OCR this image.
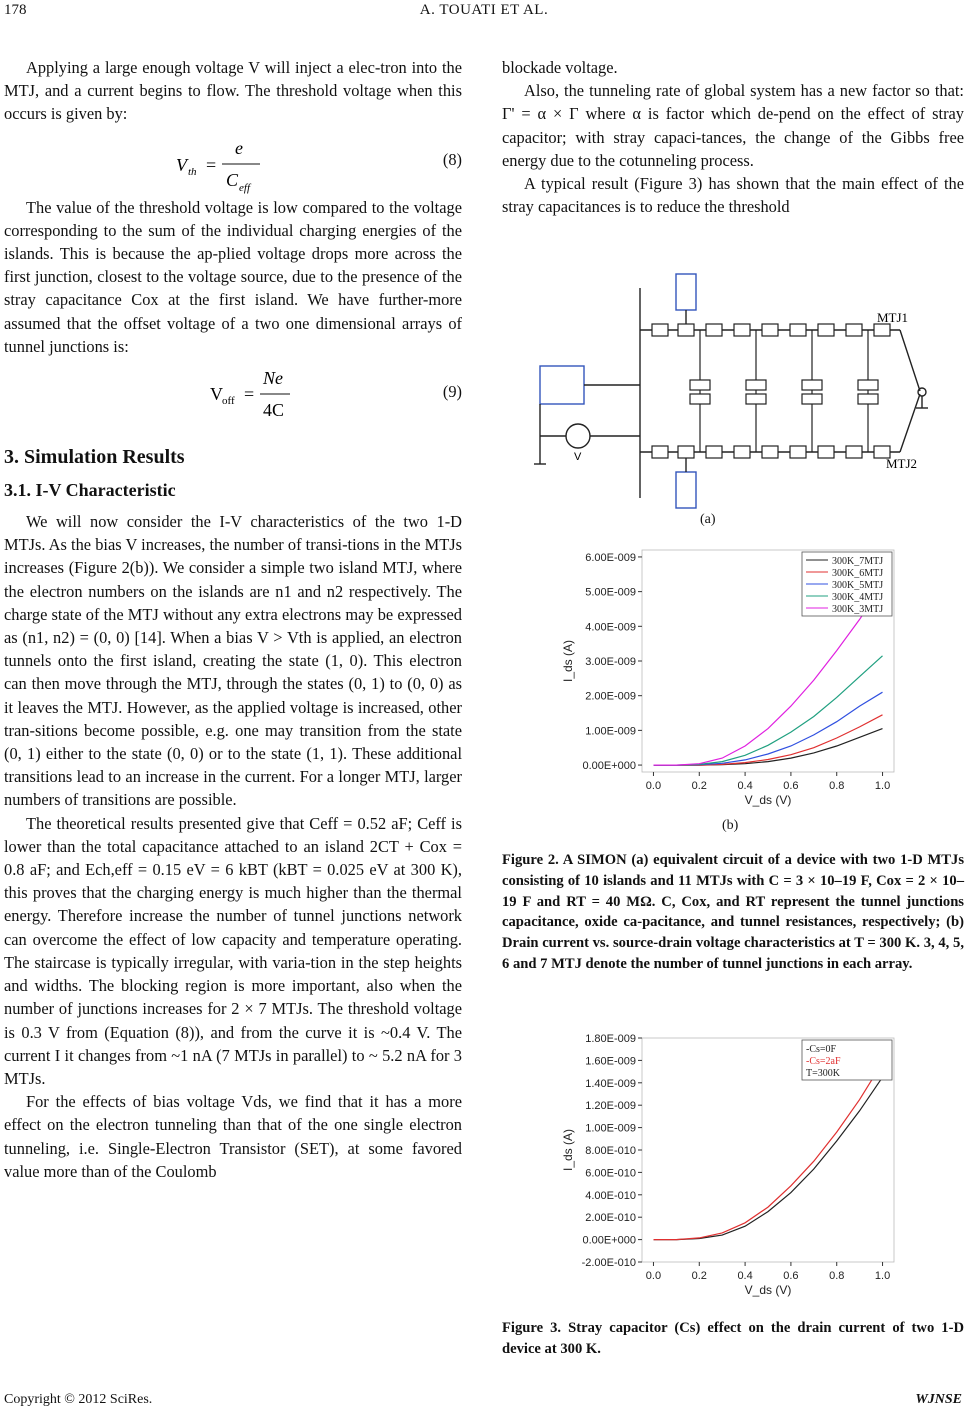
178	A. TOUATI ET AL.

Applying a large enough voltage V will inject a elec-tron into the MTJ, and a current begins to flow. The threshold voltage when this occurs is given by:

V th =
e
C eff
(8)

The value of the threshold voltage is low compared to the voltage corresponding to the sum of the individual charging energies of the islands. This is because the ap-plied voltage drops more across the first junction, closest to the voltage source, due to the presence of the stray capacitance Cox at the first island. We have further-more assumed that the offset voltage of a two one dimensional arrays of tunnel junctions is:

V off =
Ne
4C
(9)
3. Simulation Results
3.1. I-V Characteristic

We will now consider the I-V characteristics of the two 1-D MTJs. As the bias V increases, the number of transi-tions in the MTJs increases (Figure 2(b)). We consider a simple two island MTJ, where the electron numbers on the islands are n1 and n2 respectively. The charge state of the MTJ without any extra electrons may be expressed as (n1, n2) = (0, 0) [14]. When a bias V > Vth is applied, an electron tunnels onto the first island, creating the state (1, 0). This electron can then move through the MTJ, through the states (0, 1) to (0, 0) as it leaves the MTJ. However, as the applied voltage is increased, other tran-sitions become possible, e.g. one may transition from the state (0, 1) either to the state (0, 0) or to the state (1, 1). These additional transitions lead to an increase in the current. For a longer MTJ, larger numbers of transitions are possible.

The theoretical results presented give that Ceff = 0.52 aF; Ceff is lower than the total capacitance attached to an island 2CT + Cox = 0.8 aF; and Ech,eff = 0.15 eV = 6 kBT (kBT = 0.025 eV at 300 K), this proves that the charging energy is much higher than the thermal energy. Therefore increase the number of tunnel junctions network can overcome the effect of low capacity and temperature operating. The staircase is typically irregular, with varia-tion in the step heights and widths. The blocking region is more important, also when the number of junctions increases for 2 × 7 MTJs. The threshold voltage is 0.3 V from (Equation (8)), and from the curve it is ~0.4 V. The current I it changes from ~1 nA (7 MTJs in parallel) to ~ 5.2 nA for 3 MTJs.

For the effects of bias voltage Vds, we find that it has a more effect on the electron tunneling than that of the one single electron tunneling, i.e. Single-Electron Transistor (SET), at some favored value more than of the Coulomb

blockade voltage.

Also, the tunneling rate of global system has a new factor so that: Γ' = α × Γ where α is factor which de-pend on the effect of stray capacitor; with stray capaci-tances, the change of the Gibbs free energy due to the cotunneling process.

A typical result (Figure 3) has shown that the main effect of the stray capacitances is to reduce the threshold

MTJ1
MTJ2
V
(a)
0.00E+000
1.00E-009
2.00E-009
3.00E-009
4.00E-009
5.00E-009
6.00E-009
0.0	0.2	0.4	0.6	0.8	1.0
V_ds (V)
I_ds (A)
300K_7MTJ
300K_6MTJ
300K_5MTJ
300K_4MTJ
300K_3MTJ
(b)
Figure 2. A SIMON (a) equivalent circuit of a device with two 1-D MTJs consisting of 10 islands and 11 MTJs with C = 3 × 10–19 F, Cox = 2 × 10–19 F and RT = 40 MΩ. C, Cox, and RT represent the tunnel junctions capacitance, oxide ca-pacitance, and tunnel resistances, respectively; (b) Drain current vs. source-drain voltage characteristics at T = 300 K. 3, 4, 5, 6 and 7 MTJ denote the number of tunnel junctions in each array.
-2.00E-010
0.00E+000
2.00E-010
4.00E-010
6.00E-010
8.00E-010
1.00E-009
1.20E-009
1.40E-009
1.60E-009
1.80E-009
0.0	0.2	0.4	0.6	0.8	1.0
V_ds (V)
I_ds (A)
-Cs=0F
-Cs=2aF
T=300K
Figure 3. Stray capacitor (Cs) effect on the drain current of two 1-D device at 300 K.
Copyright © 2012 SciRes.	WJNSE
